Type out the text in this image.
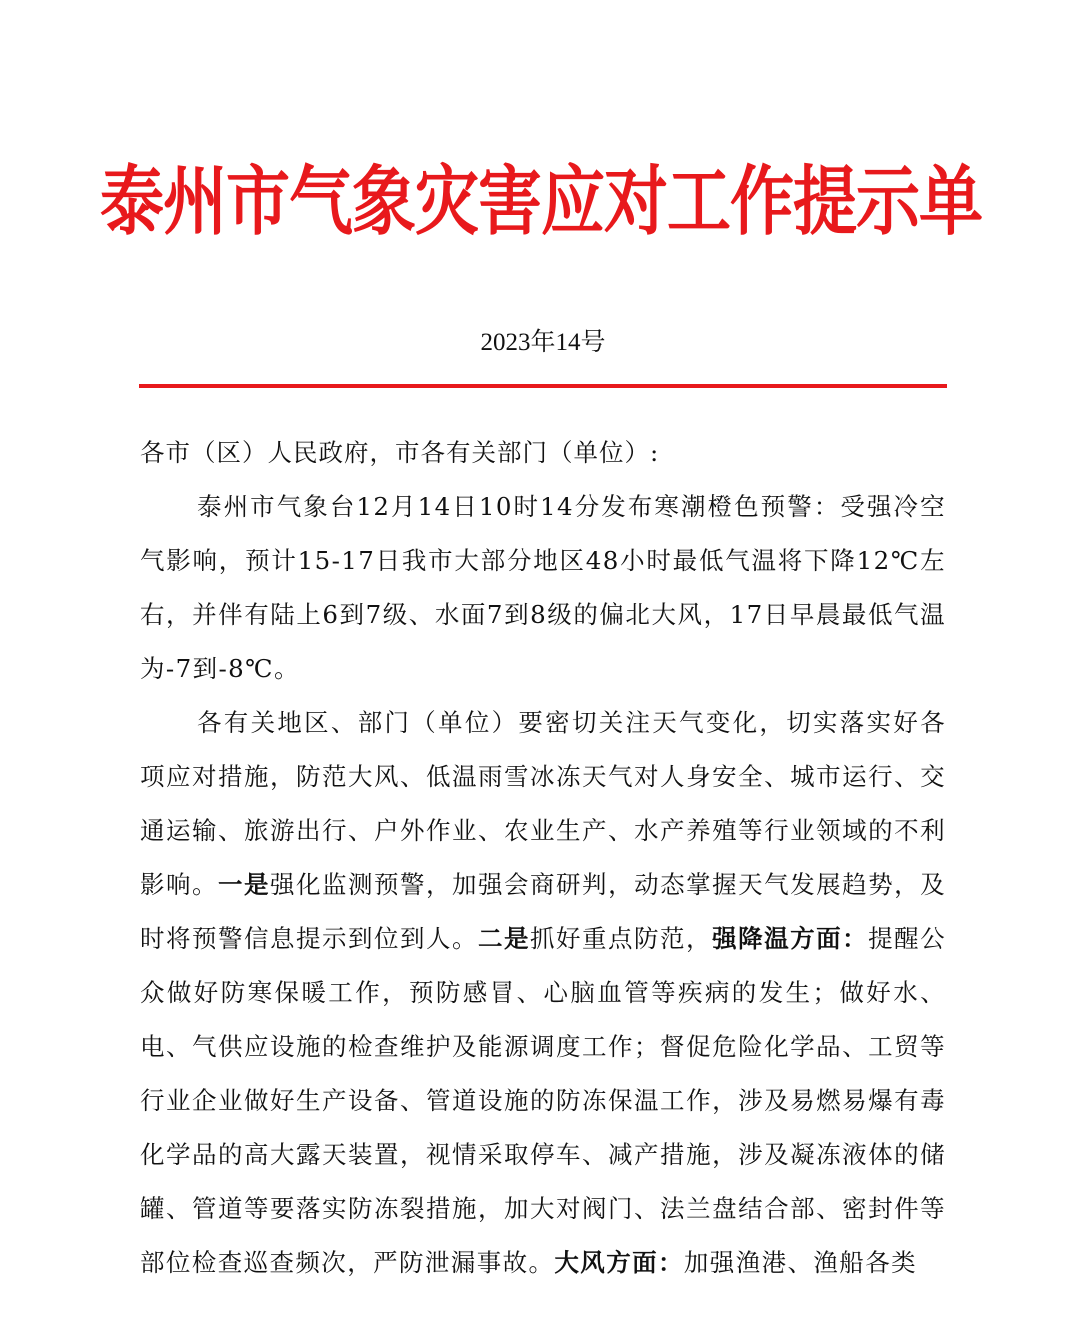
泰州市气象灾害应对工作提示单
2023年14号

各市（区）人民政府，市各有关部门（单位）:

泰州市气象台12月14日10时14分发布寒潮橙色预警：受强冷空气影响，预计15-17日我市大部分地区48小时最低气温将下降12℃左右，并伴有陆上6到7级、水面7到8级的偏北大风，17日早晨最低气温为-7到-8℃。

各有关地区、部门（单位）要密切关注天气变化，切实落实好各项应对措施，防范大风、低温雨雪冰冻天气对人身安全、城市运行、交通运输、旅游出行、户外作业、农业生产、水产养殖等行业领域的不利影响。一是强化监测预警，加强会商研判，动态掌握天气发展趋势，及时将预警信息提示到位到人。二是抓好重点防范，强降温方面：提醒公众做好防寒保暖工作，预防感冒、心脑血管等疾病的发生；做好水、电、气供应设施的检查维护及能源调度工作；督促危险化学品、工贸等行业企业做好生产设备、管道设施的防冻保温工作，涉及易燃易爆有毒化学品的高大露天装置，视情采取停车、减产措施，涉及凝冻液体的储罐、管道等要落实防冻裂措施，加大对阀门、法兰盘结合部、密封件等部位检查巡查频次，严防泄漏事故。大风方面：加强渔港、渔船各类
